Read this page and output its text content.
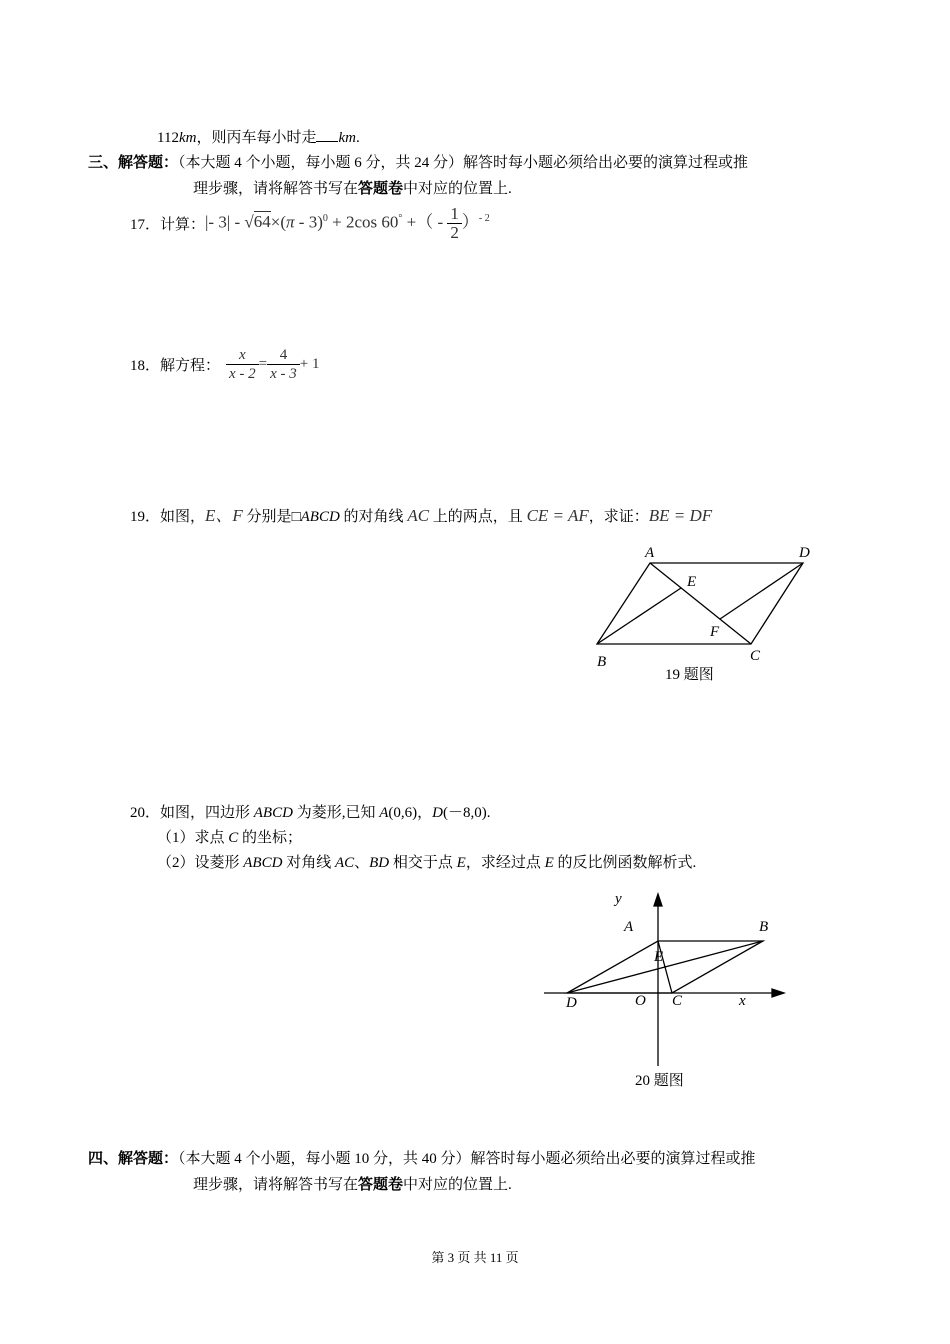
112km，则丙车每小时走 km.
三、解答题：（本大题 4 个小题，每小题 6 分，共 24 分）解答时每小题必须给出必要的演算过程或推
理步骤，请将解答书写在答题卷中对应的位置上.
17．计算： |- 3| - √64×(π - 3)$^0$ + 2cos 60° +（ - $\frac{1}{2} )^{- 2}$
18．解方程： $\frac{x}{x - 2} = \frac{4}{x - 3} + 1$
19．如图，E、F 分别是□ABCD 的对角线 AC 上的两点，且 CE = AF，求证：BE = DF
A	D
E
F
B	C
19 题图
20．如图，四边形 ABCD 为菱形,已知 A(0,6)，D(－8,0).
（1）求点 C 的坐标；
（2）设菱形 ABCD 对角线 AC、BD 相交于点 E，求经过点 E 的反比例函数解析式.
y
A	B
E
D	O C	x
20 题图
四、解答题：（本大题 4 个小题，每小题 10 分，共 40 分）解答时每小题必须给出必要的演算过程或推
理步骤，请将解答书写在答题卷中对应的位置上.
第 3 页 共 11 页
